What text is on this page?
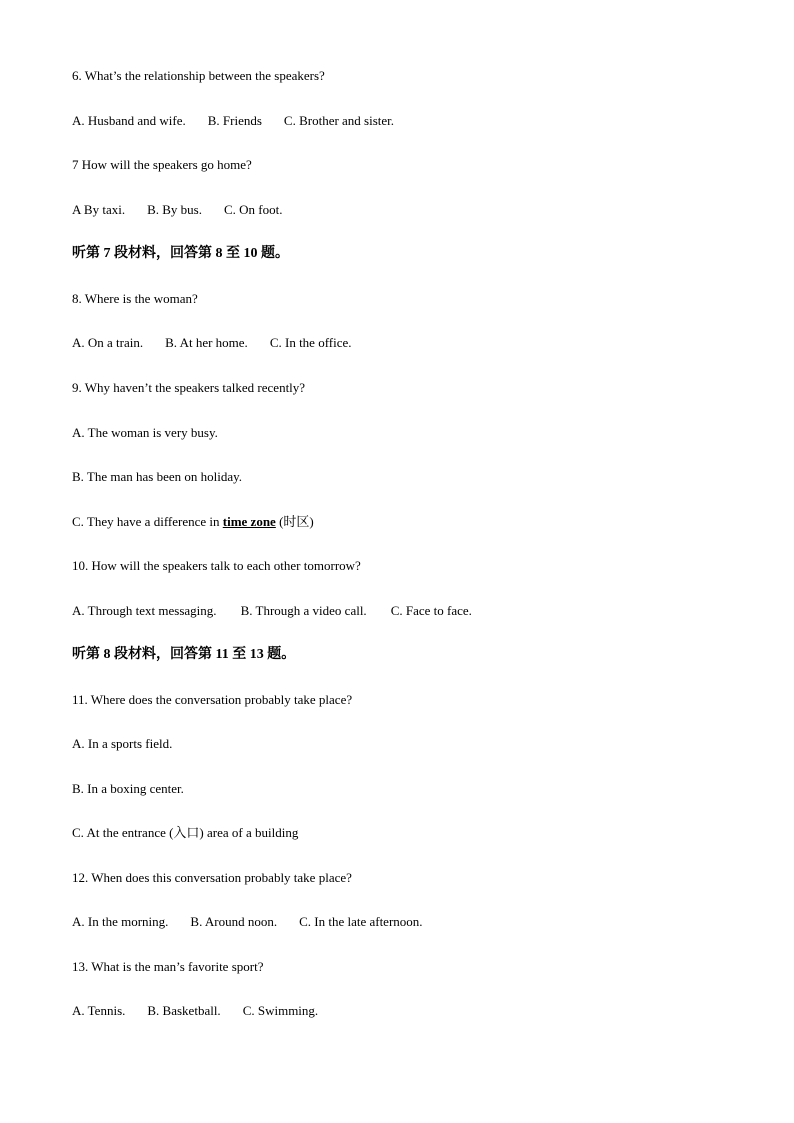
6. What’s the relationship between the speakers?
A. Husband and wife. B. Friends C. Brother and sister.
7 How will the speakers go home?
A By taxi. B. By bus. C. On foot.
听第 7 段材料，回答第 8 至 10 题。
8. Where is the woman?
A. On a train. B. At her home. C. In the office.
9. Why haven’t the speakers talked recently?
A. The woman is very busy.
B. The man has been on holiday.
C. They have a difference in time zone (时区)
10. How will the speakers talk to each other tomorrow?
A. Through text messaging. B. Through a video call. C. Face to face.
听第 8 段材料，回答第 11 至 13 题。
11. Where does the conversation probably take place?
A. In a sports field.
B. In a boxing center.
C. At the entrance (入口) area of a building
12. When does this conversation probably take place?
A. In the morning. B. Around noon. C. In the late afternoon.
13. What is the man’s favorite sport?
A. Tennis. B. Basketball. C. Swimming.
